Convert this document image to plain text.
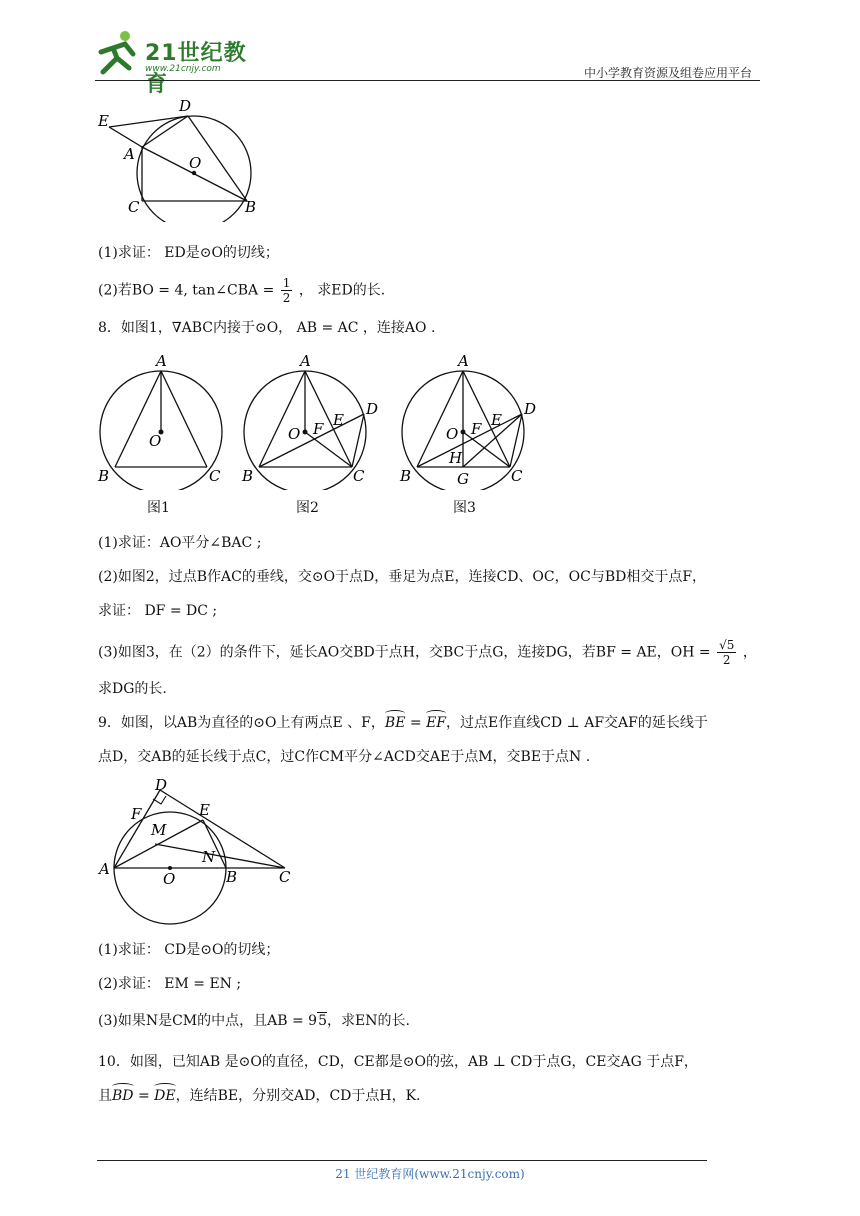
21世纪教育
www.21cnjy.com	中小学教育资源及组卷应用平台
E
D
A	O
C	B
(1)求证： ED是⊙O的切线；
(2)若BO = 4, tan∠CBA = $\frac{1}{2}$ ， 求ED的长.
8．如图1，∇ABC内接于⊙O， AB = AC ，连接AO .
A
O
B	C
A
E
D
O F
B	C
A
E
D
O F
H
B	G	C
图1	图2	图3
(1)求证：AO平分∠BAC ;
(2)如图2，过点B作AC的垂线，交⊙O于点D，垂足为点E，连接CD、OC，OC与BD相交于点F，
求证： DF = DC ;
(3)如图3，在（2）的条件下，延长AO交BD于点H，交BC于点G，连接DG，若BF = AE，OH = $\frac{√5}{2}$ ，
求DG的长.
9．如图，以AB为直径的⊙O上有两点E 、F，BE = EF，过点E作直线CD ⊥ AF交AF的延长线于
点D，交AB的延长线于点C，过C作CM平分∠ACD交AE于点M，交BE于点N .
D
F	E
M
N
A
O	B	C
(1)求证： CD是⊙O的切线；
(2)求证： EM = EN ;
(3)如果N是CM的中点，且AB = 95，求EN的长.
10．如图，已知AB 是⊙O的直径，CD，CE都是⊙O的弦，AB ⊥ CD于点G，CE交AG 于点F，
且BD = DE，连结BE，分别交AD，CD于点H，K.
21 世纪教育网(www.21cnjy.com)
